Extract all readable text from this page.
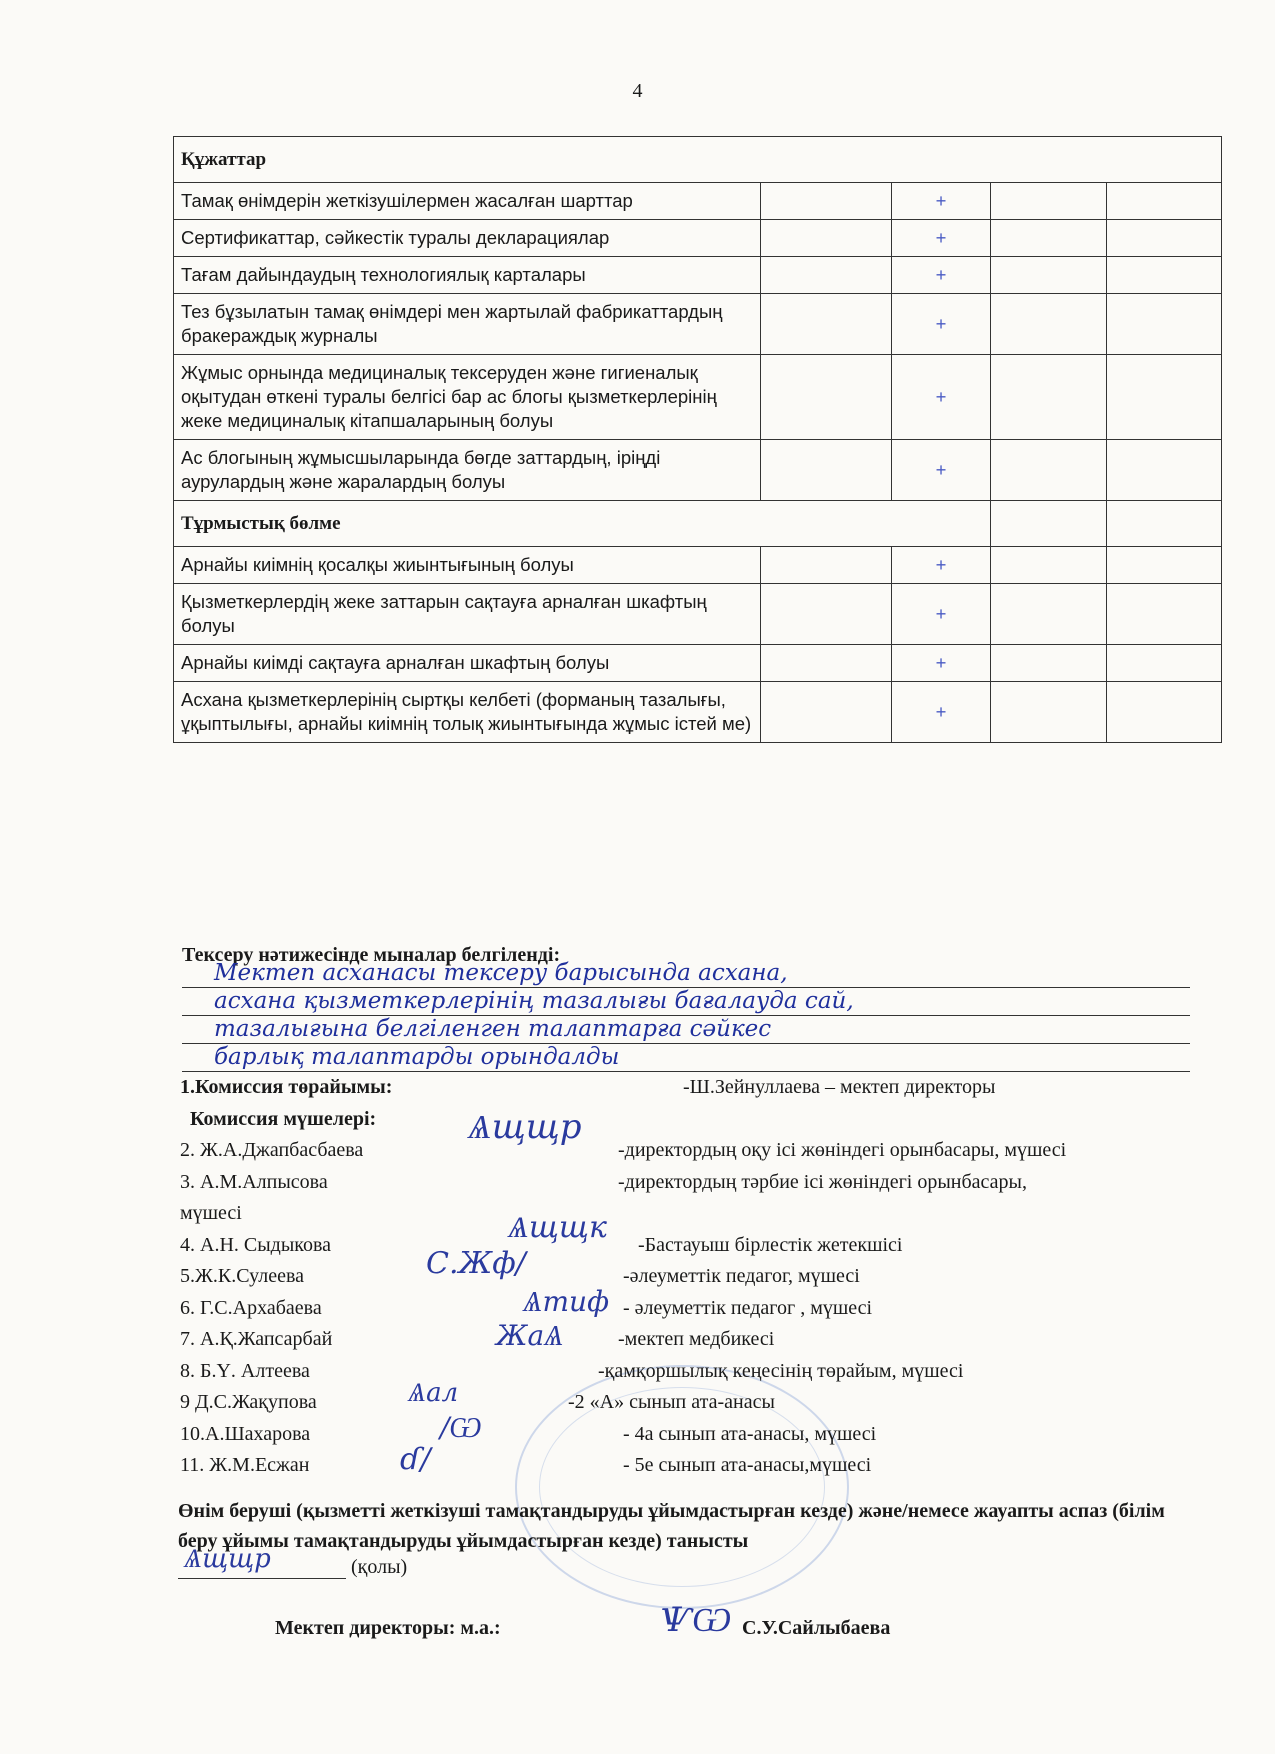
4
Құжаттар				
Тамақ өнімдерін жеткізушілермен жасалған шарттар		+		
Сертификаттар, сәйкестік туралы декларациялар		+		
Тағам дайындаудың технологиялық карталары		+		
Тез бұзылатын тамақ өнімдері мен жартылай фабрикаттардың бракераждық журналы		+		
Жұмыс орнында медициналық тексеруден және гигиеналық оқытудан өткені туралы белгісі бар ас блогы қызметкерлерінің жеке медициналық кітапшаларының болуы		+		
Ас блогының жұмысшыларында бөгде заттардың, іріңді аурулардың және жаралардың болуы		+		
Тұрмыстық бөлме				
Арнайы киімнің қосалқы жиынтығының болуы		+		
Қызметкерлердің жеке заттарын сақтауға арналған шкафтың болуы		+		
Арнайы киімді сақтауға арналған шкафтың болуы		+		
Асхана қызметкерлерінің сыртқы келбеті (форманың тазалығы, ұқыптылығы, арнайы киімнің толық жиынтығында жұмыс істей ме)		+		
Тексеру нәтижесінде мыналар белгіленді:
Мектеп асханасы тексеру барысында асхана,
асхана қызметкерлерінің тазалығы бағалауда сай,
тазалығына белгіленген талаптарға сәйкес
барлық талаптарды орындалды
1.Комиссия төрайымы:	-Ш.Зейнуллаева – мектеп директоры
Комиссия мүшелері:
2. Ж.А.Джапбасбаева	-директордың оқу ісі жөніндегі орынбасары, мүшесі
3. А.М.Алпысова	-директордың тәрбие ісі жөніндегі орынбасары,
мүшесі
4. А.Н. Сыдыкова	-Бастауыш бірлестік жетекшісі
5.Ж.К.Сулеева	-әлеуметтік педагог, мүшесі
6. Г.С.Архабаева	- әлеуметтік педагог , мүшесі
7. А.Қ.Жапсарбай	-мектеп медбикесі
8. Б.Ү. Алтеева	-қамқоршылық кеңесінің төрайым, мүшесі
9 Д.С.Жақупова	-2 «А» сынып ата-анасы
10.А.Шахарова	- 4а сынып ата-анасы, мүшесі
11. Ж.М.Есжан	- 5е сынып ата-анасы,мүшесі
Ѧщщр
Ѧщщк
С.Жф/
Ѧтиф
ЖаѦ
Ѧал
/Ѡ
ɗ/
Өнім беруші (қызметті жеткізуші тамақтандыруды ұйымдастырған кезде) және/немесе жауапты аспаз (білім беру ұйымы тамақтандыруды ұйымдастырған кезде) танысты
Ѧщщр	(қолы)
Мектеп директоры: м.а.:	ѰѠ С.У.Сайлыбаева
